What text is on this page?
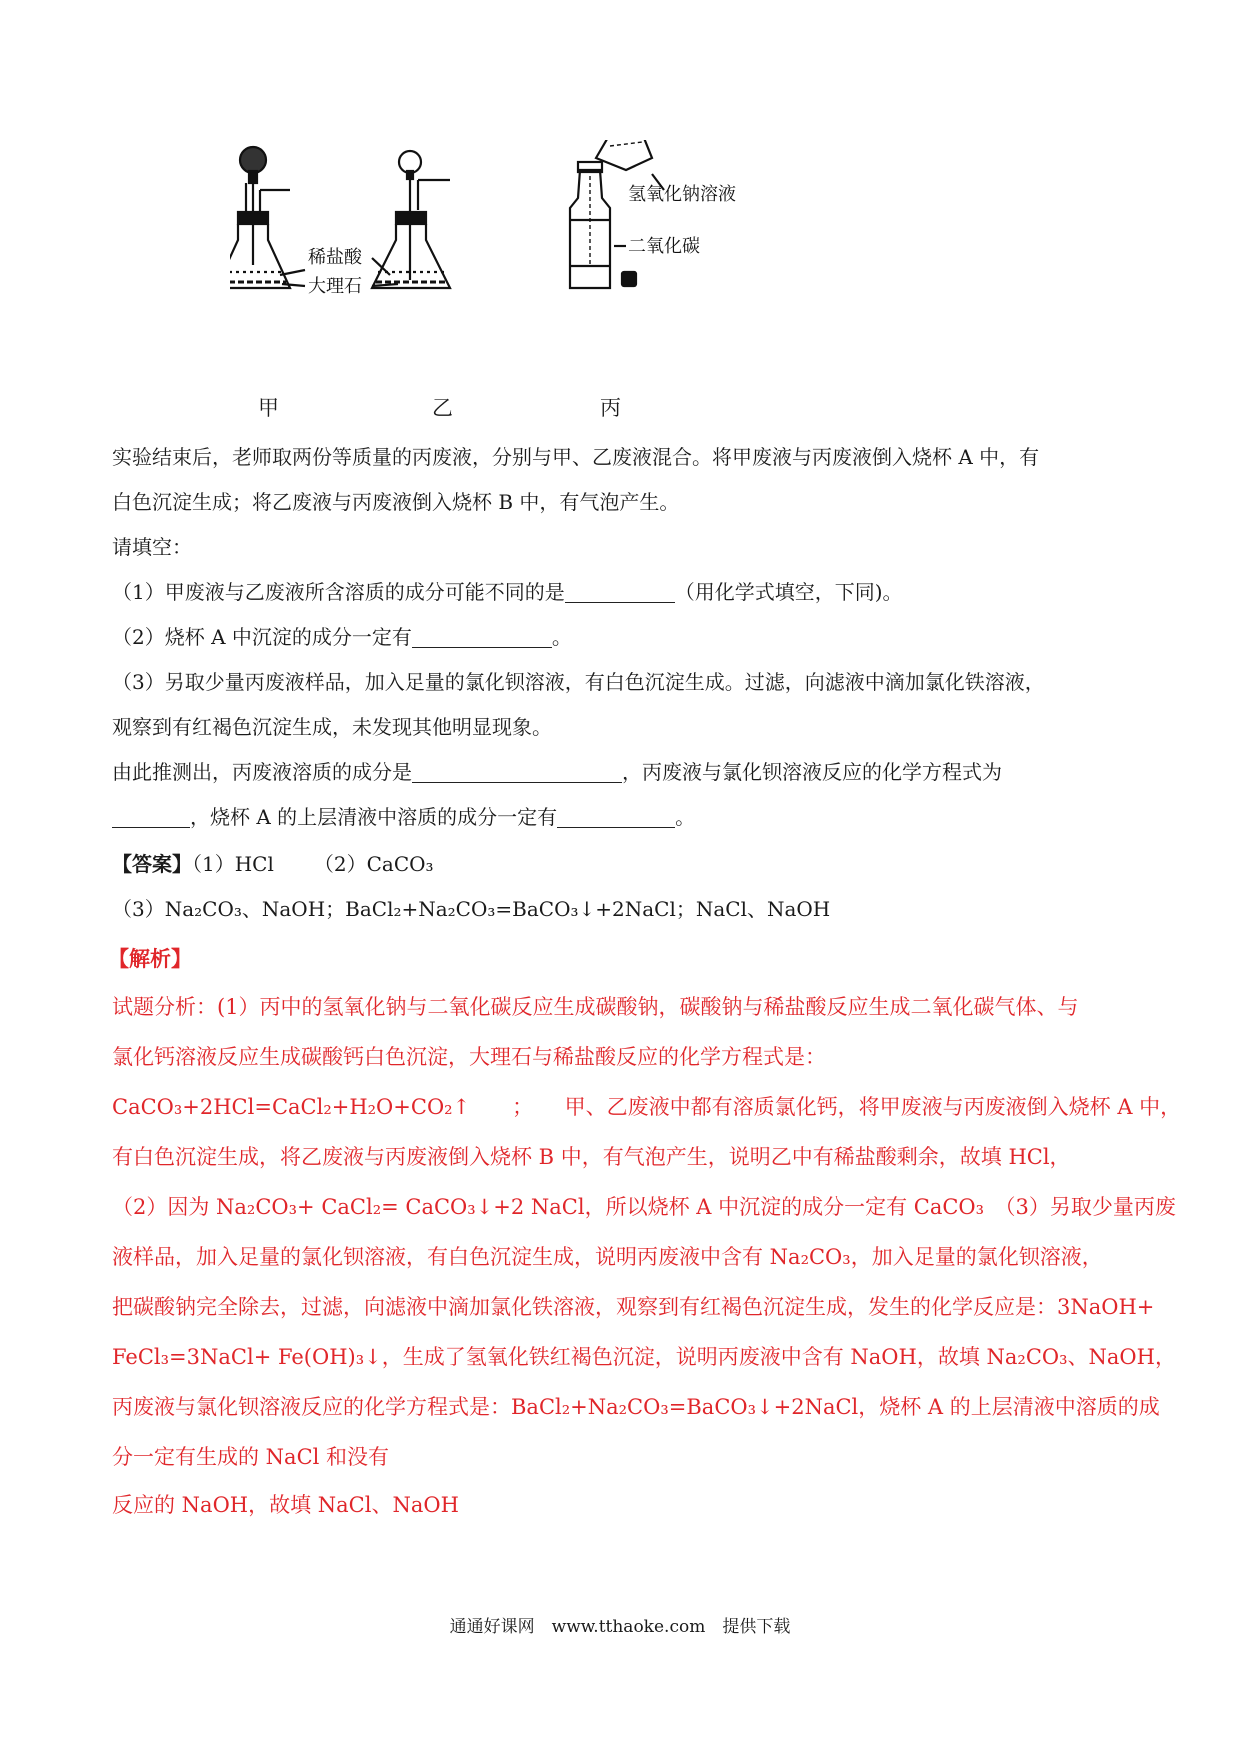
稀盐酸
大理石
氢氧化钠溶液
二氧化碳
甲	乙	丙
实验结束后，老师取两份等质量的丙废液，分别与甲、乙废液混合。将甲废液与丙废液倒入烧杯 A 中，有
白色沉淀生成；将乙废液与丙废液倒入烧杯 B 中，有气泡产生。
请填空：
（1）甲废液与乙废液所含溶质的成分可能不同的是	（用化学式填空，下同)。
（2）烧杯 A 中沉淀的成分一定有	。
（3）另取少量丙废液样品，加入足量的氯化钡溶液，有白色沉淀生成。过滤，向滤液中滴加氯化铁溶液，
观察到有红褐色沉淀生成，未发现其他明显现象。
由此推测出，丙废液溶质的成分是	，丙废液与氯化钡溶液反应的化学方程式为
，烧杯 A 的上层清液中溶质的成分一定有	。
【答案】（1）HCl （2）CaCO₃
（3）Na₂CO₃、NaOH；BaCl₂+Na₂CO₃=BaCO₃↓+2NaCl；NaCl、NaOH
【解析】
试题分析：(1）丙中的氢氧化钠与二氧化碳反应生成碳酸钠，碳酸钠与稀盐酸反应生成二氧化碳气体、与
氯化钙溶液反应生成碳酸钙白色沉淀，大理石与稀盐酸反应的化学方程式是：
CaCO₃+2HCl=CaCl₂+H₂O+CO₂↑　　；　　甲、乙废液中都有溶质氯化钙，将甲废液与丙废液倒入烧杯 A 中，
有白色沉淀生成，将乙废液与丙废液倒入烧杯 B 中，有气泡产生，说明乙中有稀盐酸剩余，故填 HCl，
（2）因为 Na₂CO₃+ CaCl₂= CaCO₃↓+2 NaCl，所以烧杯 A 中沉淀的成分一定有 CaCO₃　（3）另取少量丙废
液样品，加入足量的氯化钡溶液，有白色沉淀生成，说明丙废液中含有 Na₂CO₃，加入足量的氯化钡溶液，
把碳酸钠完全除去，过滤，向滤液中滴加氯化铁溶液，观察到有红褐色沉淀生成，发生的化学反应是：3NaOH+
FeCl₃=3NaCl+ Fe(OH)₃↓，生成了氢氧化铁红褐色沉淀，说明丙废液中含有 NaOH，故填 Na₂CO₃、NaOH，
丙废液与氯化钡溶液反应的化学方程式是：BaCl₂+Na₂CO₃=BaCO₃↓+2NaCl，烧杯 A 的上层清液中溶质的成
分一定有生成的 NaCl 和没有
反应的 NaOH，故填 NaCl、NaOH
通通好课网　www.tthaoke.com　提供下载
